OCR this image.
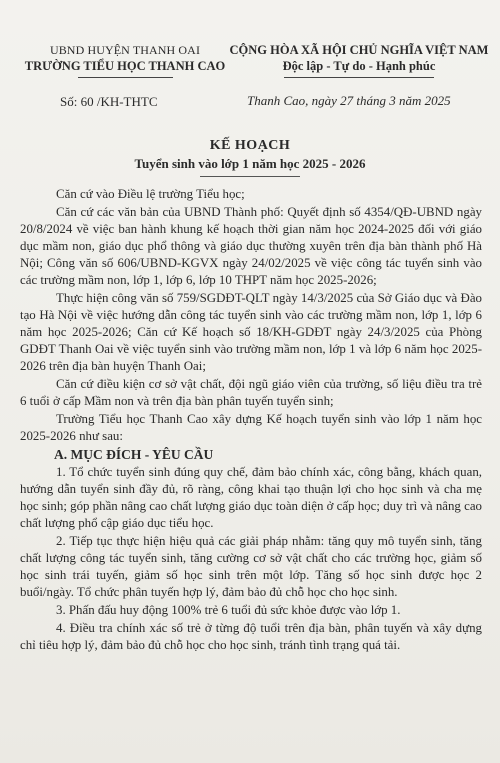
UBND HUYỆN THANH OAI
TRƯỜNG TIỂU HỌC THANH CAO
CỘNG HÒA XÃ HỘI CHỦ NGHĨA VIỆT NAM
Độc lập - Tự do - Hạnh phúc
Số: 60 /KH-THTC	Thanh Cao, ngày 27 tháng 3 năm 2025
KẾ HOẠCH
Tuyển sinh vào lớp 1 năm học 2025 - 2026

Căn cứ vào Điều lệ trường Tiểu học;

Căn cứ các văn bản của UBND Thành phố: Quyết định số 4354/QĐ-UBND ngày 20/8/2024 về việc ban hành khung kế hoạch thời gian năm học 2024-2025 đối với giáo dục mầm non, giáo dục phổ thông và giáo dục thường xuyên trên địa bàn thành phố Hà Nội; Công văn số 606/UBND-KGVX ngày 24/02/2025 về việc công tác tuyển sinh vào các trường mầm non, lớp 1, lớp 6, lớp 10 THPT năm học 2025-2026;

Thực hiện công văn số 759/SGDĐT-QLT ngày 14/3/2025 của Sở Giáo dục và Đào tạo Hà Nội về việc hướng dẫn công tác tuyển sinh vào các trường mầm non, lớp 1, lớp 6 năm học 2025-2026; Căn cứ Kế hoạch số 18/KH-GDĐT ngày 24/3/2025 của Phòng GDĐT Thanh Oai về việc tuyển sinh vào trường mầm non, lớp 1 và lớp 6 năm học 2025-2026 trên địa bàn huyện Thanh Oai;

Căn cứ điều kiện cơ sở vật chất, đội ngũ giáo viên của trường, số liệu điều tra trẻ 6 tuổi ở cấp Mầm non và trên địa bàn phân tuyến tuyển sinh;

Trường Tiểu học Thanh Cao xây dựng Kế hoạch tuyển sinh vào lớp 1 năm học 2025-2026 như sau:

A. MỤC ĐÍCH - YÊU CẦU

1. Tổ chức tuyển sinh đúng quy chế, đảm bảo chính xác, công bằng, khách quan, hướng dẫn tuyển sinh đầy đủ, rõ ràng, công khai tạo thuận lợi cho học sinh và cha mẹ học sinh; góp phần nâng cao chất lượng giáo dục toàn diện ở cấp học; duy trì và nâng cao chất lượng phổ cập giáo dục tiểu học.

2. Tiếp tục thực hiện hiệu quả các giải pháp nhằm: tăng quy mô tuyển sinh, tăng chất lượng công tác tuyển sinh, tăng cường cơ sở vật chất cho các trường học, giảm số học sinh trái tuyến, giảm số học sinh trên một lớp. Tăng số học sinh được học 2 buổi/ngày. Tổ chức phân tuyến hợp lý, đảm bảo đủ chỗ học cho học sinh.

3. Phấn đấu huy động 100% trẻ 6 tuổi đủ sức khỏe được vào lớp 1.

4. Điều tra chính xác số trẻ ở từng độ tuổi trên địa bàn, phân tuyến và xây dựng chỉ tiêu hợp lý, đảm bảo đủ chỗ học cho học sinh, tránh tình trạng quá tải.
